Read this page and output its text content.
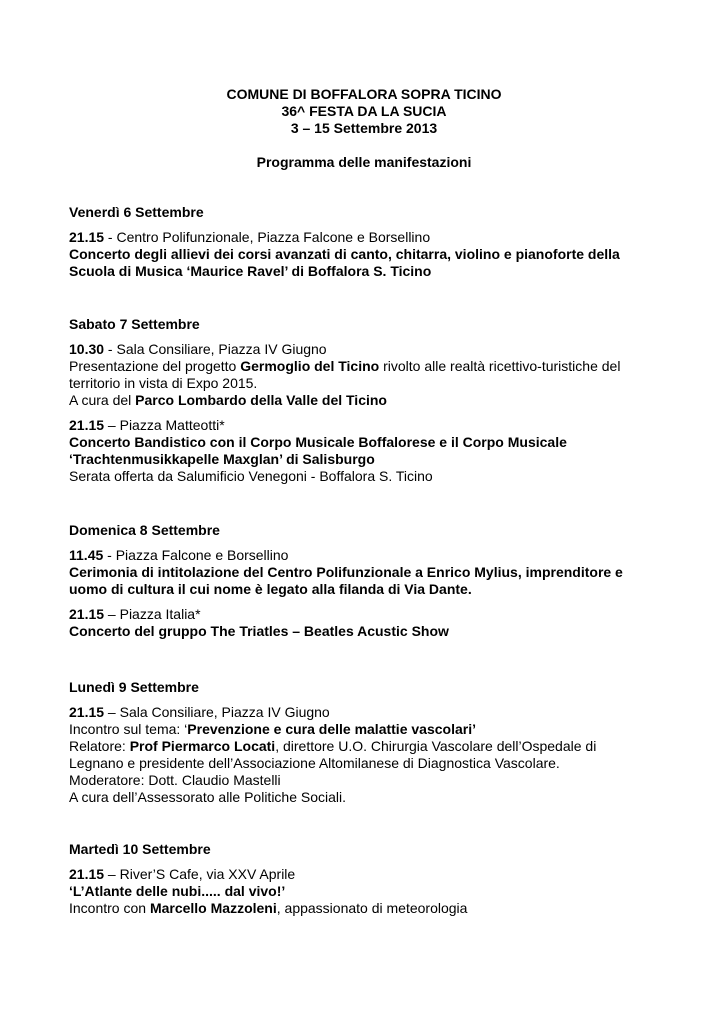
COMUNE DI BOFFALORA SOPRA TICINO
36^ FESTA DA LA SUCIA
3 – 15 Settembre 2013
Programma delle manifestazioni
Venerdì 6 Settembre
21.15 - Centro Polifunzionale, Piazza Falcone e Borsellino
Concerto degli allievi dei corsi avanzati di canto, chitarra, violino e pianoforte della
Scuola di Musica ‘Maurice Ravel’ di Boffalora S. Ticino
Sabato 7 Settembre
10.30 - Sala Consiliare, Piazza IV Giugno
Presentazione del progetto Germoglio del Ticino rivolto alle realtà ricettivo-turistiche del
territorio in vista di Expo 2015.
A cura del Parco Lombardo della Valle del Ticino
21.15 – Piazza Matteotti*
Concerto Bandistico con il Corpo Musicale Boffalorese e il Corpo Musicale
‘Trachtenmusikkapelle Maxglan’ di Salisburgo
Serata offerta da Salumificio Venegoni - Boffalora S. Ticino
Domenica 8 Settembre
11.45 - Piazza Falcone e Borsellino
Cerimonia di intitolazione del Centro Polifunzionale a Enrico Mylius, imprenditore e
uomo di cultura il cui nome è legato alla filanda di Via Dante.
21.15 – Piazza Italia*
Concerto del gruppo The Triatles – Beatles Acustic Show
Lunedì 9 Settembre
21.15 – Sala Consiliare, Piazza IV Giugno
Incontro sul tema: ‘Prevenzione e cura delle malattie vascolari’
Relatore: Prof Piermarco Locati, direttore U.O. Chirurgia Vascolare dell’Ospedale di
Legnano e presidente dell’Associazione Altomilanese di Diagnostica Vascolare.
Moderatore: Dott. Claudio Mastelli
A cura dell’Assessorato alle Politiche Sociali.
Martedì 10 Settembre
21.15 – River’S Cafe, via XXV Aprile
‘L’Atlante delle nubi..... dal vivo!’
Incontro con Marcello Mazzoleni, appassionato di meteorologia
